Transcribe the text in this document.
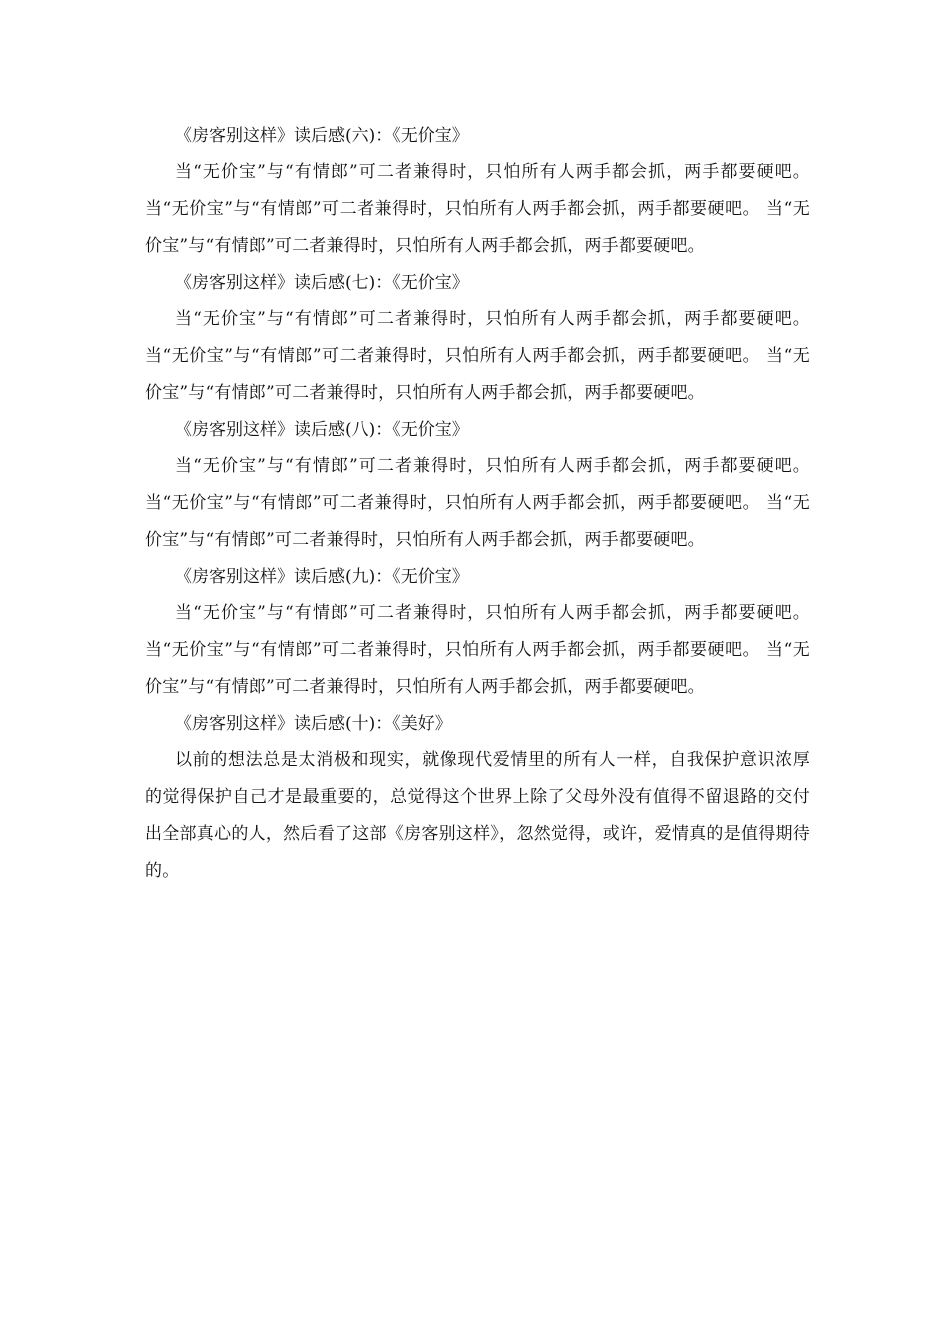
《房客别这样》读后感(六)：《无价宝》

当“无价宝”与“有情郎”可二者兼得时，只怕所有人两手都会抓，两手都要硬吧。 当“无价宝”与“有情郎”可二者兼得时，只怕所有人两手都会抓，两手都要硬吧。 当“无价宝”与“有情郎”可二者兼得时，只怕所有人两手都会抓，两手都要硬吧。

《房客别这样》读后感(七)：《无价宝》

当“无价宝”与“有情郎”可二者兼得时，只怕所有人两手都会抓，两手都要硬吧。 当“无价宝”与“有情郎”可二者兼得时，只怕所有人两手都会抓，两手都要硬吧。 当“无价宝”与“有情郎”可二者兼得时，只怕所有人两手都会抓，两手都要硬吧。

《房客别这样》读后感(八)：《无价宝》

当“无价宝”与“有情郎”可二者兼得时，只怕所有人两手都会抓，两手都要硬吧。 当“无价宝”与“有情郎”可二者兼得时，只怕所有人两手都会抓，两手都要硬吧。 当“无价宝”与“有情郎”可二者兼得时，只怕所有人两手都会抓，两手都要硬吧。

《房客别这样》读后感(九)：《无价宝》

当“无价宝”与“有情郎”可二者兼得时，只怕所有人两手都会抓，两手都要硬吧。 当“无价宝”与“有情郎”可二者兼得时，只怕所有人两手都会抓，两手都要硬吧。 当“无价宝”与“有情郎”可二者兼得时，只怕所有人两手都会抓，两手都要硬吧。

《房客别这样》读后感(十)：《美好》

以前的想法总是太消极和现实，就像现代爱情里的所有人一样，自我保护意识浓厚的觉得保护自己才是最重要的，总觉得这个世界上除了父母外没有值得不留退路的交付出全部真心的人，然后看了这部《房客别这样》，忽然觉得，或许，爱情真的是值得期待的。
